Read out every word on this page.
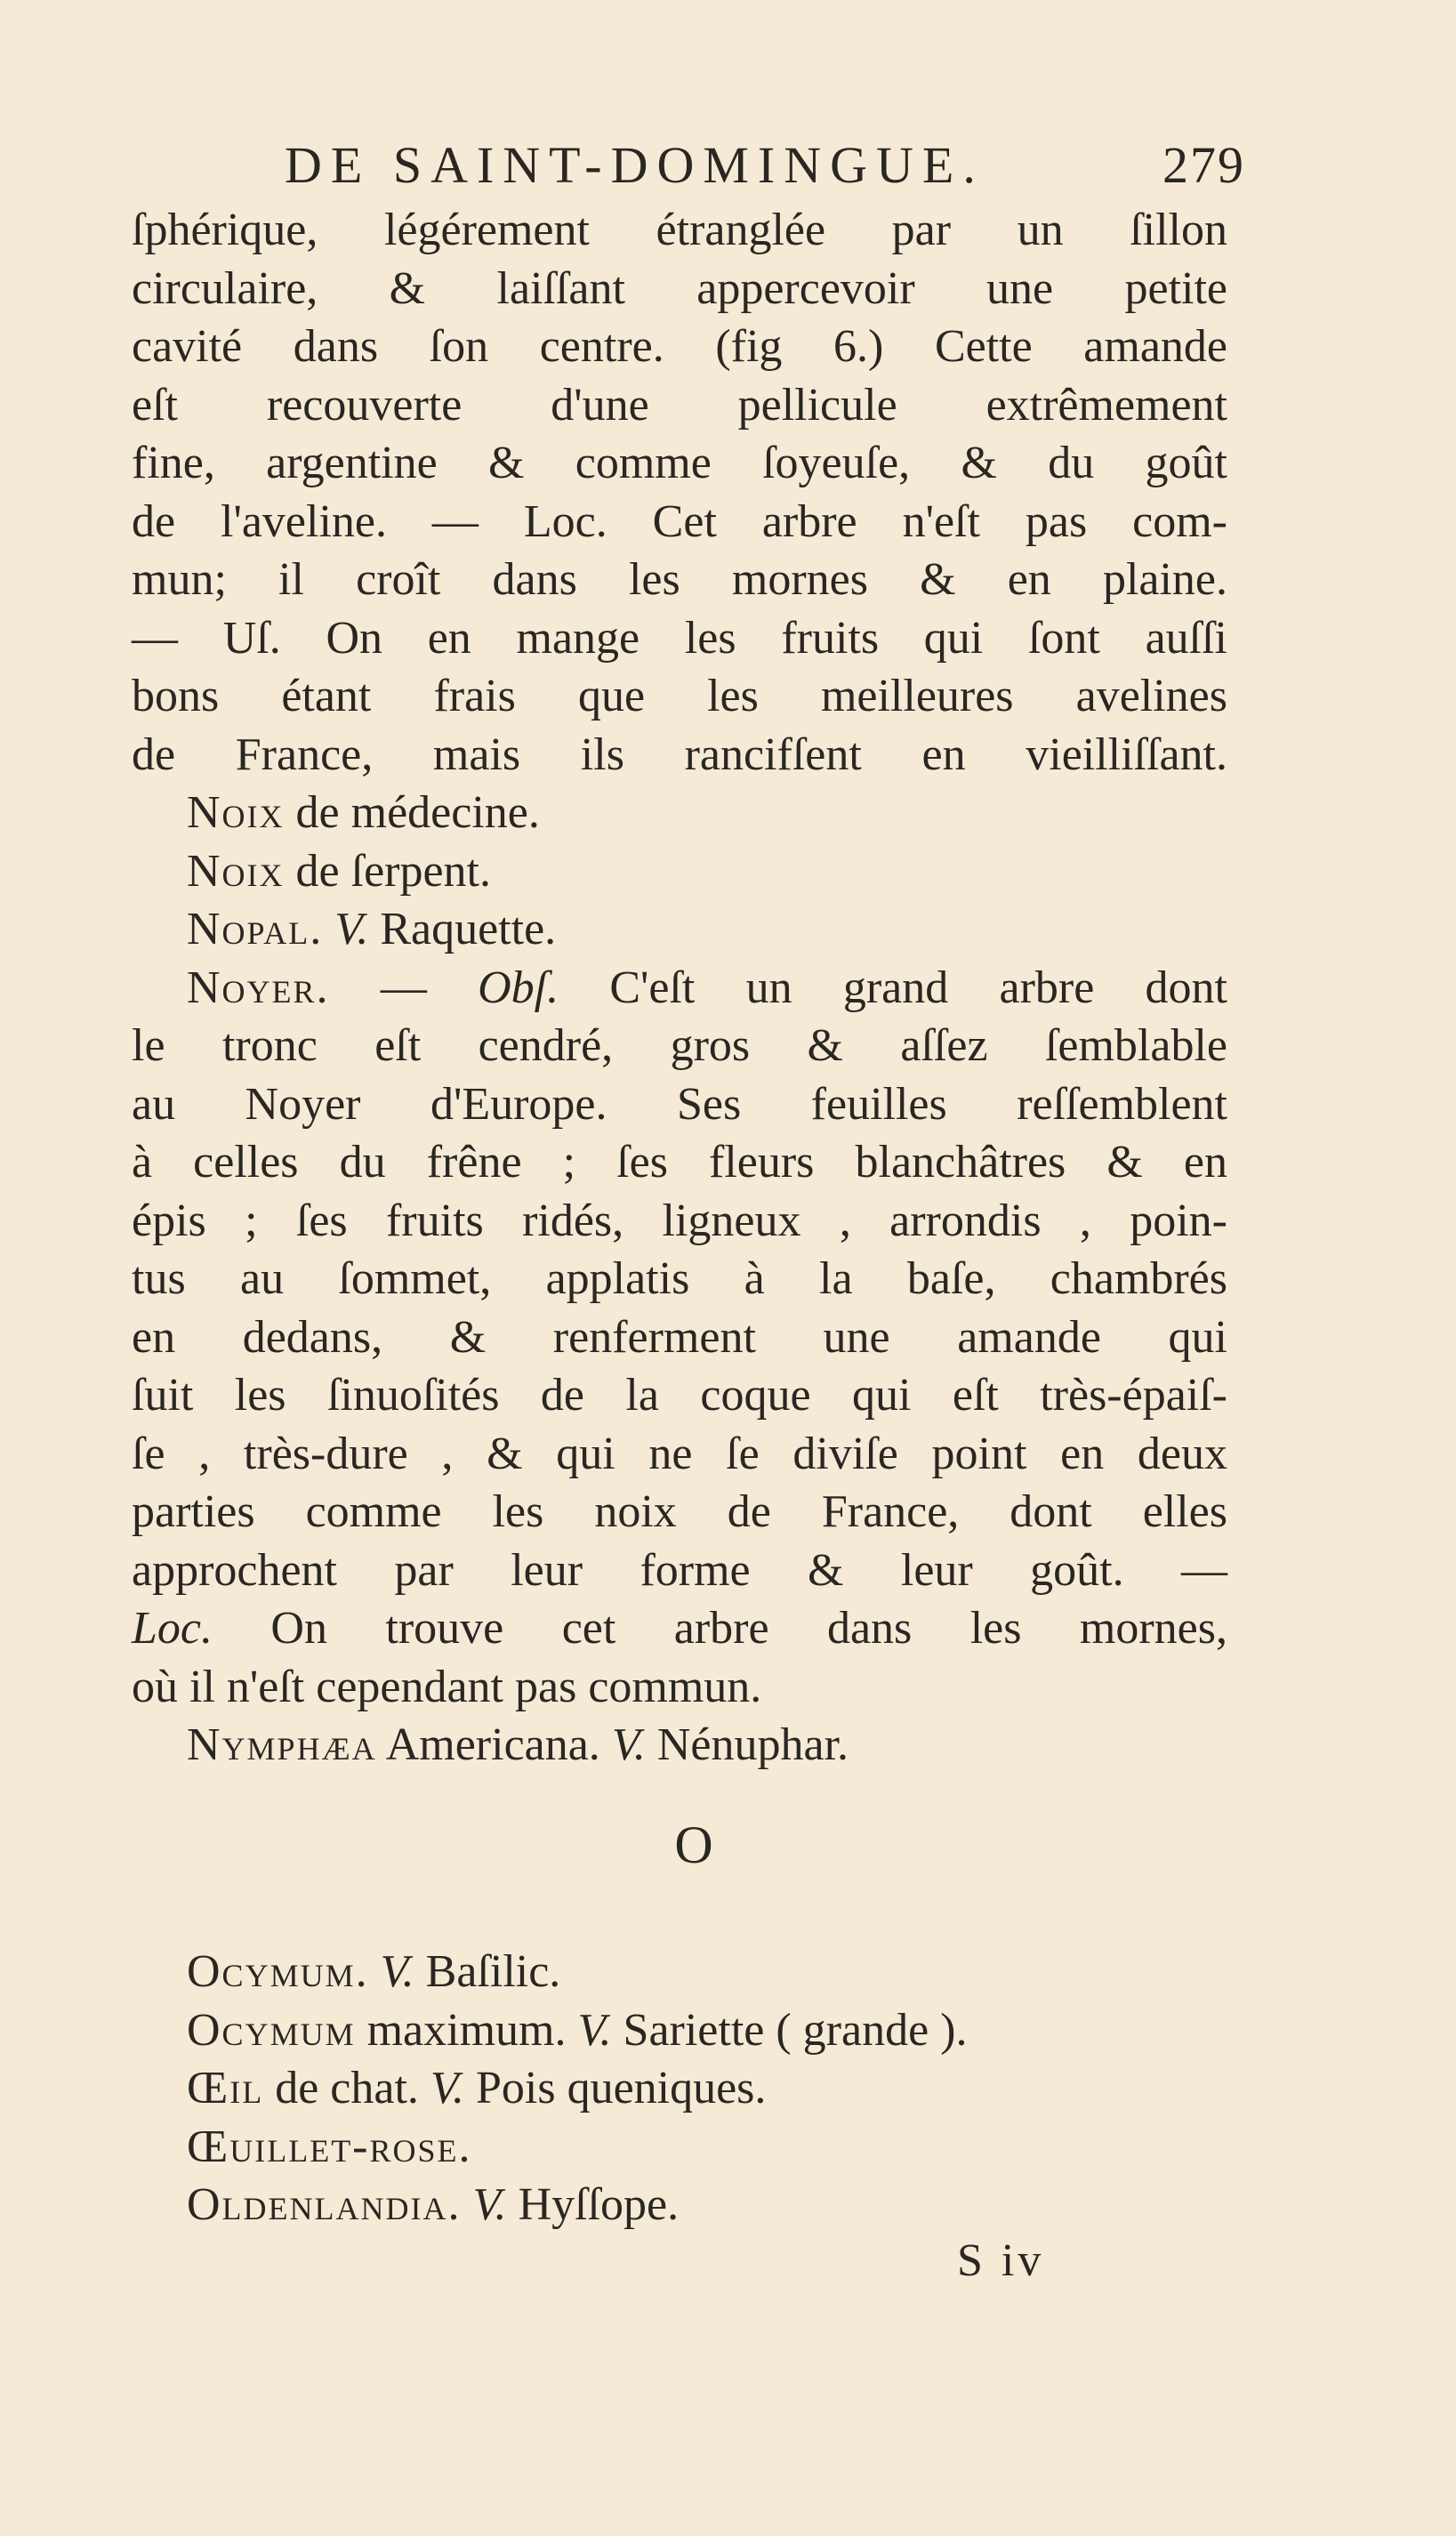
DE SAINT-DOMINGUE.	279
ſphérique, légérement étranglée par un ſillon
circulaire, & laiſſant appercevoir une petite
cavité dans ſon centre. (fig 6.) Cette amande
eſt recouverte d'une pellicule extrêmement
fine, argentine & comme ſoyeuſe, & du goût
de l'aveline. — Loc. Cet arbre n'eſt pas com-
mun; il croît dans les mornes & en plaine.
— Uſ. On en mange les fruits qui ſont auſſi
bons étant frais que les meilleures avelines
de France, mais ils rancifſent en vieilliſſant.
Noix de médecine.
Noix de ſerpent.
Nopal. V. Raquette.
Noyer. — Obſ. C'eſt un grand arbre dont
le tronc eſt cendré, gros & aſſez ſemblable
au Noyer d'Europe. Ses feuilles reſſemblent
à celles du frêne ; ſes fleurs blanchâtres & en
épis ; ſes fruits ridés, ligneux , arrondis , poin-
tus au ſommet, applatis à la baſe, chambrés
en dedans, & renferment une amande qui
ſuit les ſinuoſités de la coque qui eſt très-épaiſ-
ſe , très-dure , & qui ne ſe diviſe point en deux
parties comme les noix de France, dont elles
approchent par leur forme & leur goût. —
Loc. On trouve cet arbre dans les mornes,
où il n'eſt cependant pas commun.
Nymphæa Americana. V. Nénuphar.
O
Ocymum. V. Baſilic.
Ocymum maximum. V. Sariette ( grande ).
Œil de chat. V. Pois queniques.
Œuillet-rose.
Oldenlandia. V. Hyſſope.
S iv
